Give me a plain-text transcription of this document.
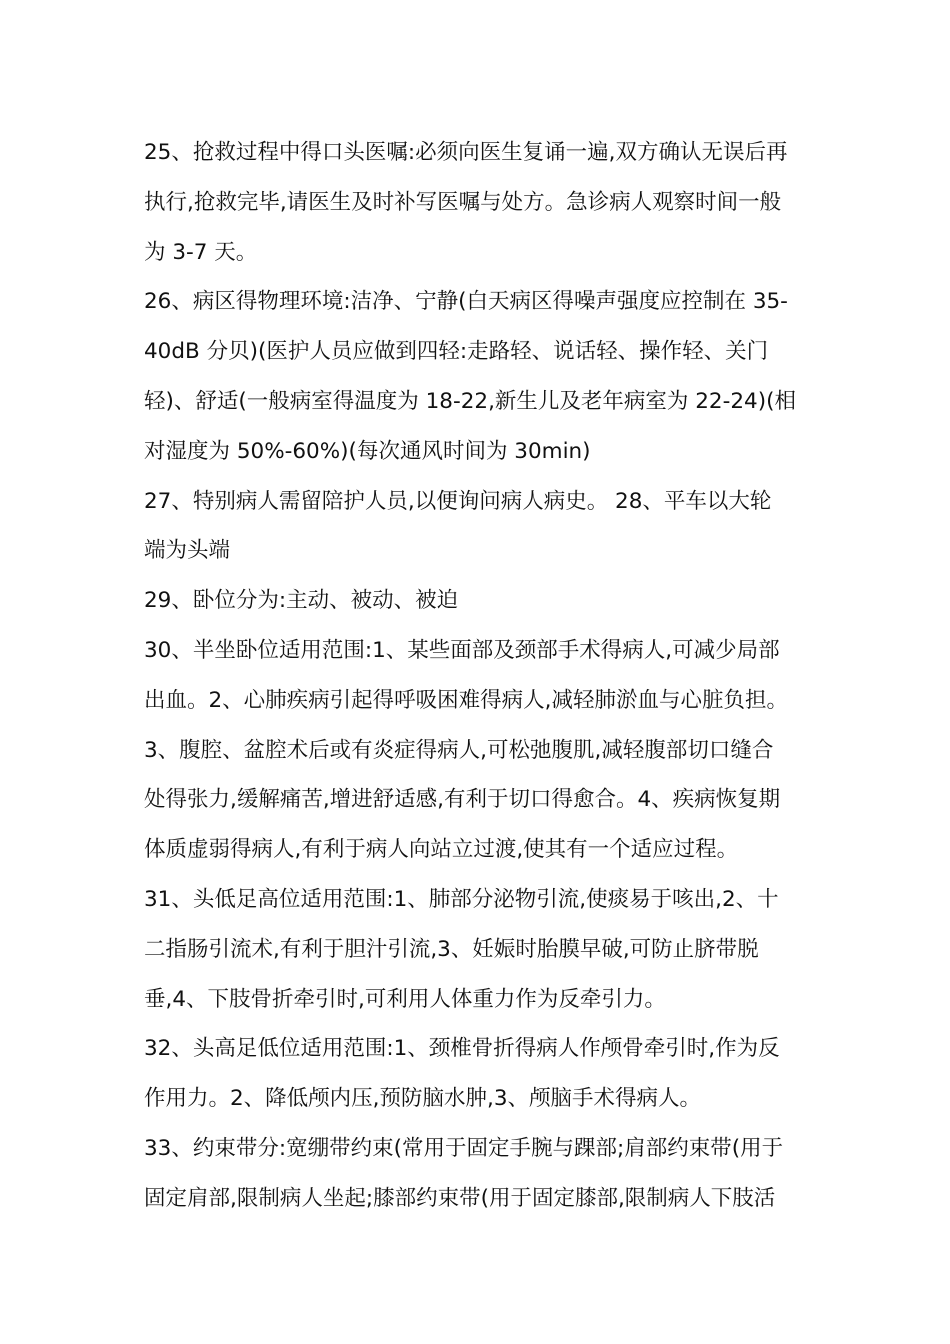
25、抢救过程中得口头医嘱:必须向医生复诵一遍,双方确认无误后再
执行,抢救完毕,请医生及时补写医嘱与处方。急诊病人观察时间一般
为 3-7 天。
26、病区得物理环境:洁净、宁静(白天病区得噪声强度应控制在 35-
40dB 分贝)(医护人员应做到四轻:走路轻、说话轻、操作轻、关门
轻)、舒适(一般病室得温度为 18-22,新生儿及老年病室为 22-24)(相
对湿度为 50%-60%)(每次通风时间为 30min)
27、特别病人需留陪护人员,以便询问病人病史。 28、平车以大轮
端为头端
29、卧位分为:主动、被动、被迫
30、半坐卧位适用范围:1、某些面部及颈部手术得病人,可减少局部
出血。2、心肺疾病引起得呼吸困难得病人,减轻肺淤血与心脏负担。
3、腹腔、盆腔术后或有炎症得病人,可松弛腹肌,减轻腹部切口缝合
处得张力,缓解痛苦,增进舒适感,有利于切口得愈合。4、疾病恢复期
体质虚弱得病人,有利于病人向站立过渡,使其有一个适应过程。
31、头低足高位适用范围:1、肺部分泌物引流,使痰易于咳出,2、十
二指肠引流术,有利于胆汁引流,3、妊娠时胎膜早破,可防止脐带脱
垂,4、下肢骨折牵引时,可利用人体重力作为反牵引力。
32、头高足低位适用范围:1、颈椎骨折得病人作颅骨牵引时,作为反
作用力。2、降低颅内压,预防脑水肿,3、颅脑手术得病人。
33、约束带分:宽绷带约束(常用于固定手腕与踝部;肩部约束带(用于
固定肩部,限制病人坐起;膝部约束带(用于固定膝部,限制病人下肢活
